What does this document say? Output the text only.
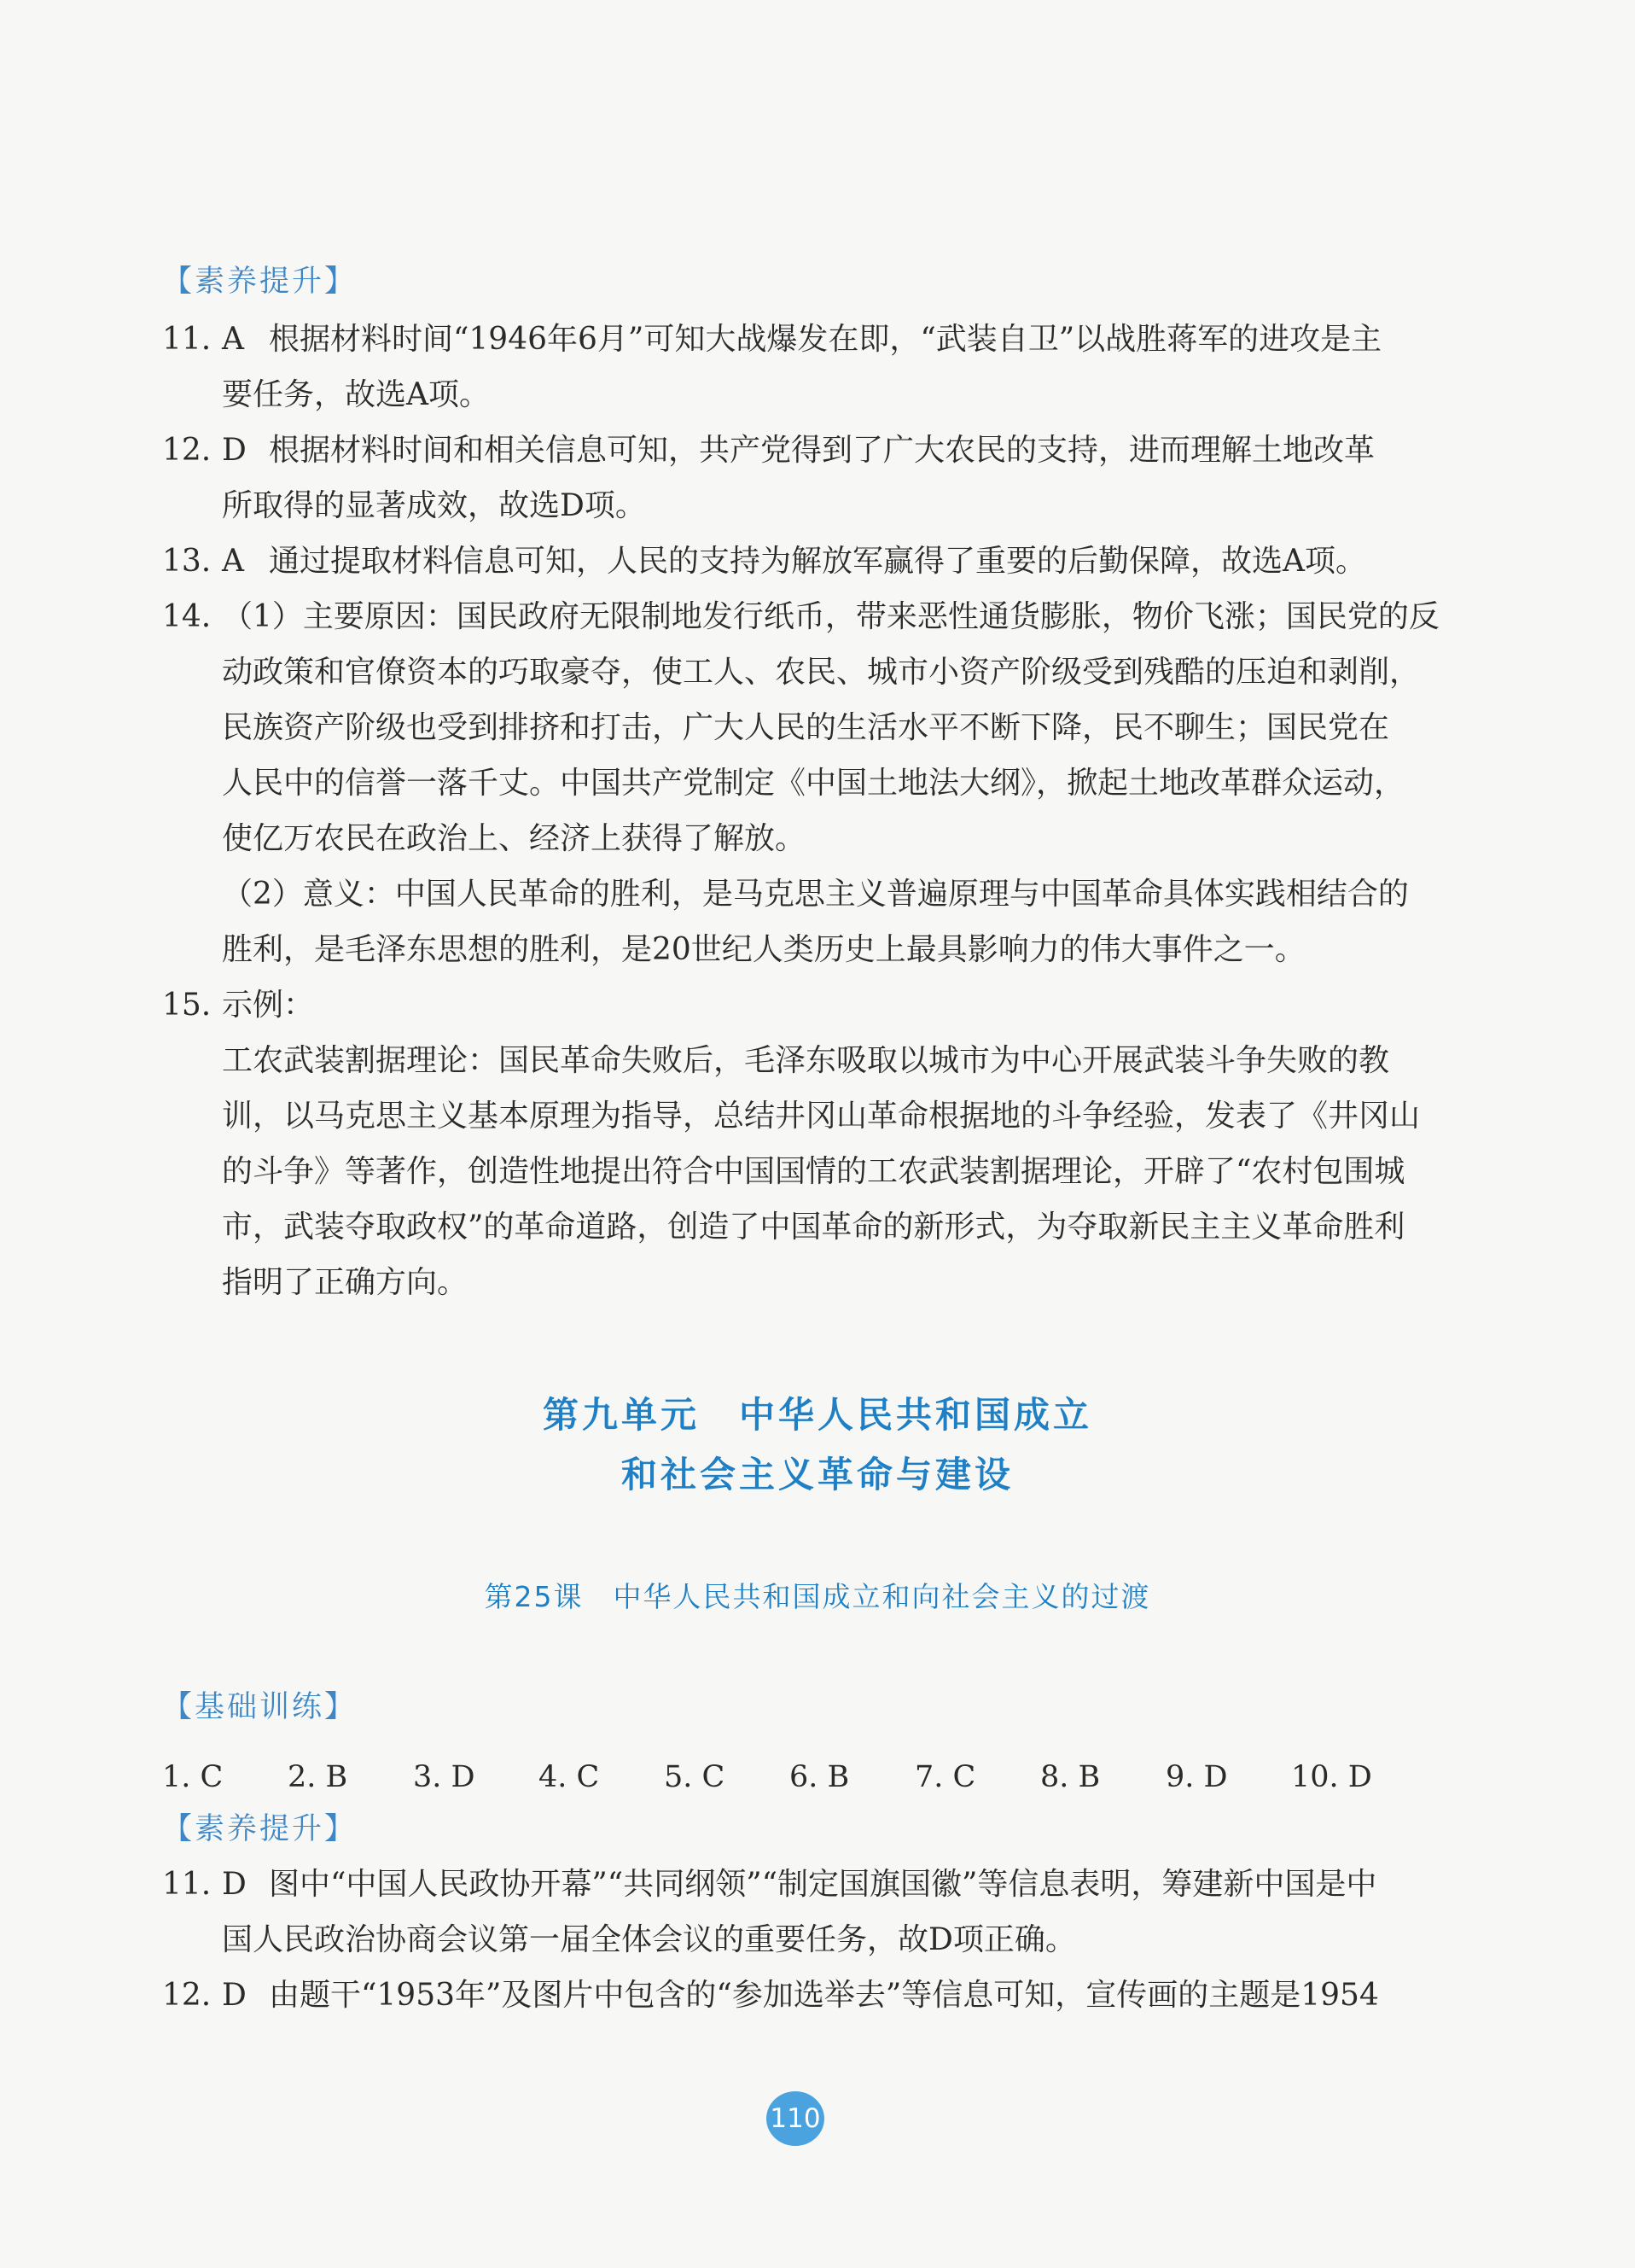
【素养提升】
11. A 根据材料时间“1946年6月”可知大战爆发在即，“武装自卫”以战胜蒋军的进攻是主
要任务，故选A项。
12. D 根据材料时间和相关信息可知，共产党得到了广大农民的支持，进而理解土地改革
所取得的显著成效，故选D项。
13. A 通过提取材料信息可知，人民的支持为解放军赢得了重要的后勤保障，故选A项。
14. （1）主要原因：国民政府无限制地发行纸币，带来恶性通货膨胀，物价飞涨；国民党的反
动政策和官僚资本的巧取豪夺，使工人、农民、城市小资产阶级受到残酷的压迫和剥削，
民族资产阶级也受到排挤和打击，广大人民的生活水平不断下降，民不聊生；国民党在
人民中的信誉一落千丈。中国共产党制定《中国土地法大纲》，掀起土地改革群众运动，
使亿万农民在政治上、经济上获得了解放。
（2）意义：中国人民革命的胜利，是马克思主义普遍原理与中国革命具体实践相结合的
胜利，是毛泽东思想的胜利，是20世纪人类历史上最具影响力的伟大事件之一。
15. 示例：
工农武装割据理论：国民革命失败后，毛泽东吸取以城市为中心开展武装斗争失败的教
训，以马克思主义基本原理为指导，总结井冈山革命根据地的斗争经验，发表了《井冈山
的斗争》等著作，创造性地提出符合中国国情的工农武装割据理论，开辟了“农村包围城
市，武装夺取政权”的革命道路，创造了中国革命的新形式，为夺取新民主主义革命胜利
指明了正确方向。
第九单元　中华人民共和国成立
和社会主义革命与建设
第25课　中华人民共和国成立和向社会主义的过渡
【基础训练】
1. C	2. B	3. D	4. C	5. C	6. B	7. C	8. B	9. D	10. D
【素养提升】
11. D 图中“中国人民政协开幕”“共同纲领”“制定国旗国徽”等信息表明，筹建新中国是中
国人民政治协商会议第一届全体会议的重要任务，故D项正确。
12. D 由题干“1953年”及图片中包含的“参加选举去”等信息可知，宣传画的主题是1954
110
